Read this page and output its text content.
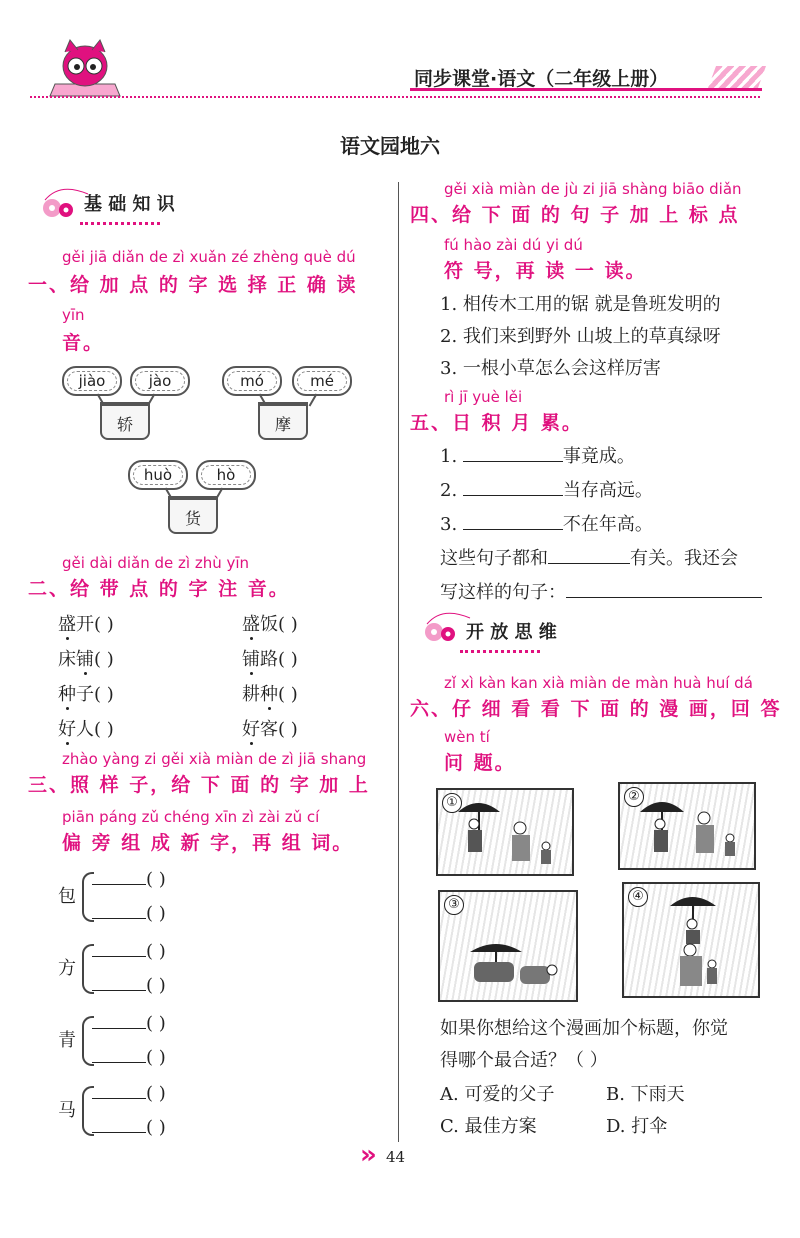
同步课堂·语文（二年级上册）
语文园地六
基 础 知 识
gěi jiā diǎn de zì xuǎn zé zhèng què dú
一、给 加 点 的 字 选 择 正 确 读
yīn
音。
jiào	jào
轿
mó	mé
摩
huò	hò
货
gěi dài diǎn de zì zhù yīn
二、给 带 点 的 字 注 音。
盛开( )	盛饭( )
床铺( )	铺路( )
种子( )	耕种( )
好人( )	好客( )
zhào yàng zi gěi xià miàn de zì jiā shang
三、照 样 子，给 下 面 的 字 加 上
piān páng zǔ chéng xīn zì zài zǔ cí
偏 旁 组 成 新 字，再 组 词。
包
( )
( )
方
( )
( )
青
( )
( )
马
( )
( )
gěi xià miàn de jù zi jiā shàng biāo diǎn
四、给 下 面 的 句 子 加 上 标 点
fú hào zài dú yi dú
符 号，再 读 一 读。
1. 相传木工用的锯 就是鲁班发明的
2. 我们来到野外 山坡上的草真绿呀
3. 一根小草怎么会这样厉害
rì jī yuè lěi
五、日 积 月 累。
1.	事竟成。
2.	当存高远。
3.	不在年高。
这些句子都和	有关。我还会
写这样的句子：
开 放 思 维
zǐ xì kàn kan xià miàn de màn huà huí dá
六、仔 细 看 看 下 面 的 漫 画，回 答
wèn tí
问 题。
①	②
③
④
如果你想给这个漫画加个标题，你觉
得哪个最合适？（ ）
A. 可爱的父子	B. 下雨天
C. 最佳方案	D. 打伞
» 44
